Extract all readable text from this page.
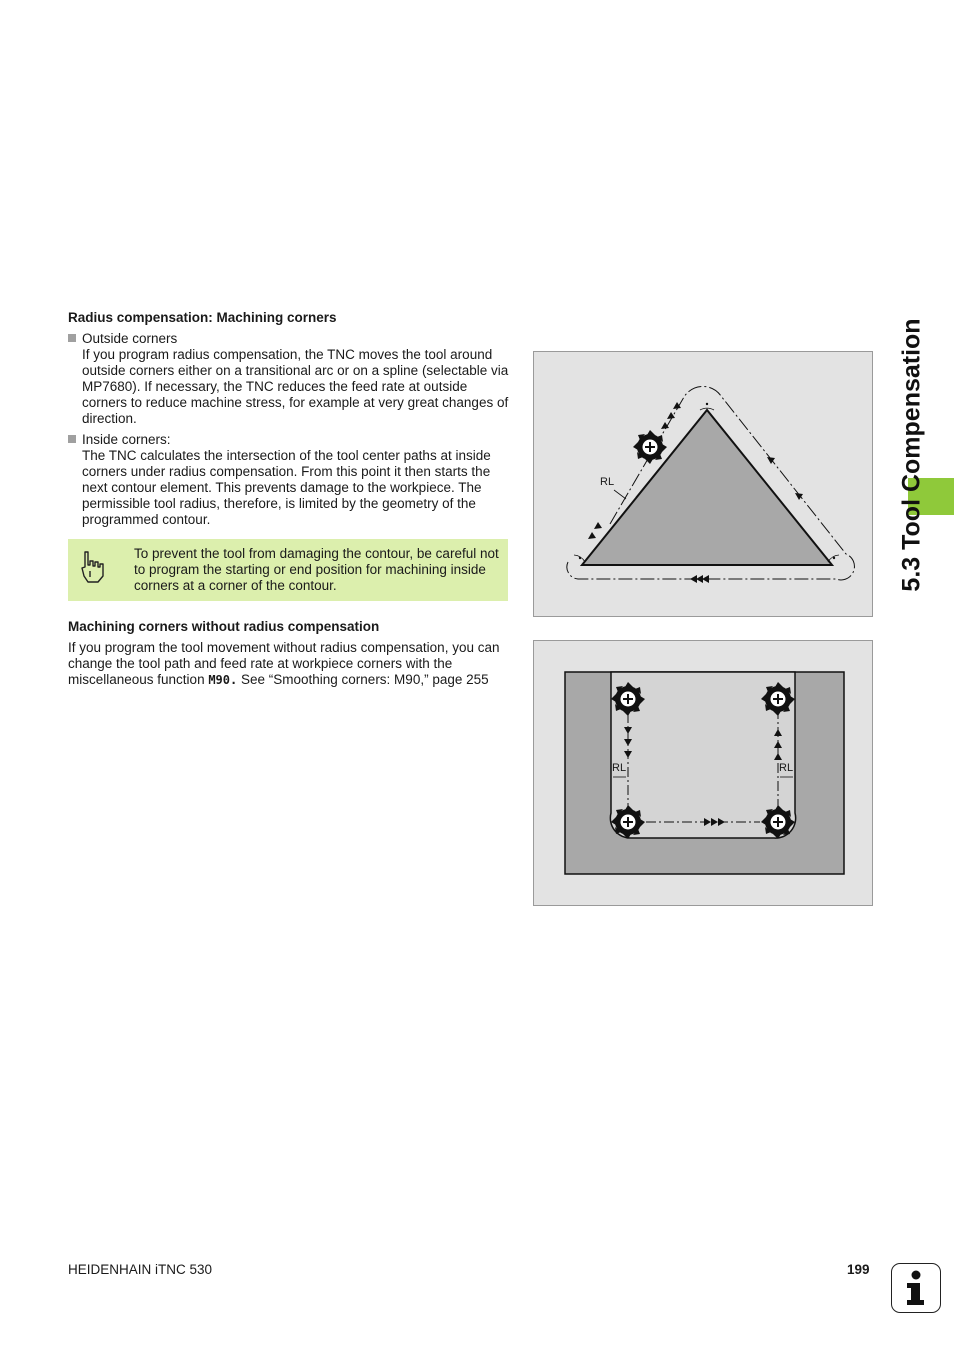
Radius compensation: Machining corners
Outside corners
If you program radius compensation, the TNC moves the tool around outside corners either on a transitional arc or on a spline (selectable via MP7680). If necessary, the TNC reduces the feed rate at outside corners to reduce machine stress, for example at very great changes of direction.
Inside corners:
The TNC calculates the intersection of the tool center paths at inside corners under radius compensation. From this point it then starts the next contour element. This prevents damage to the workpiece. The permissible tool radius, therefore, is limited by the geometry of the programmed contour.
To prevent the tool from damaging the contour, be careful not to program the starting or end position for machining inside corners at a corner of the contour.
Machining corners without radius compensation
If you program the tool movement without radius compensation, you can change the tool path and feed rate at workpiece corners with the miscellaneous function M90. See “Smoothing corners: M90,” page 255
RL
RL	RL
5.3 Tool Compensation
HEIDENHAIN iTNC 530	199
